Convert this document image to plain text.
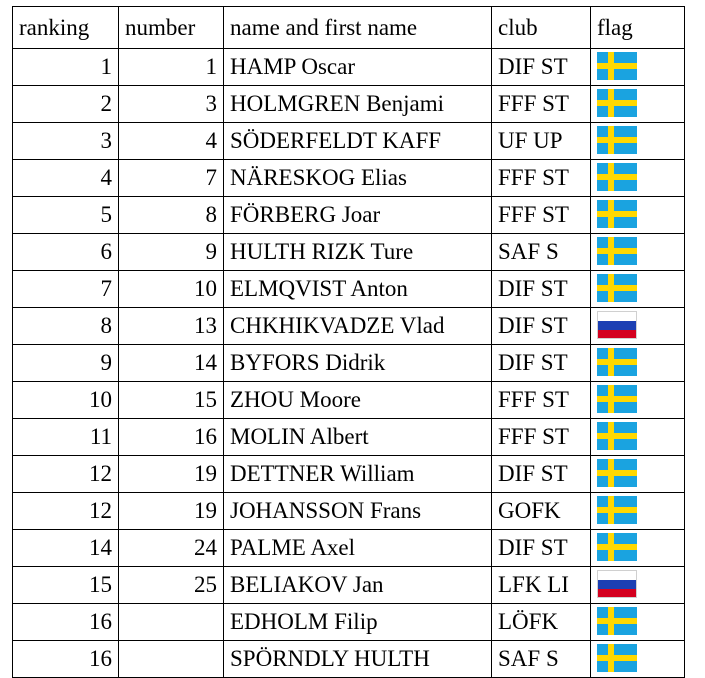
ranking	number	name and first name	club	flag
1	1	HAMP Oscar	DIF ST	

2	3	HOLMGREN Benjami	FFF ST	

3	4	SÖDERFELDT KAFF	UF UP	

4	7	NÄRESKOG Elias	FFF ST	

5	8	FÖRBERG Joar	FFF ST	

6	9	HULTH RIZK Ture	SAF S	

7	10	ELMQVIST Anton	DIF ST	

8	13	CHKHIKVADZE Vlad	DIF ST	

9	14	BYFORS Didrik	DIF ST	

10	15	ZHOU Moore	FFF ST	

11	16	MOLIN Albert	FFF ST	

12	19	DETTNER William	DIF ST	

12	19	JOHANSSON Frans	GOFK	

14	24	PALME Axel	DIF ST	

15	25	BELIAKOV Jan	LFK LI	

16		EDHOLM Filip	LÖFK	

16		SPÖRNDLY HULTH	SAF S	
